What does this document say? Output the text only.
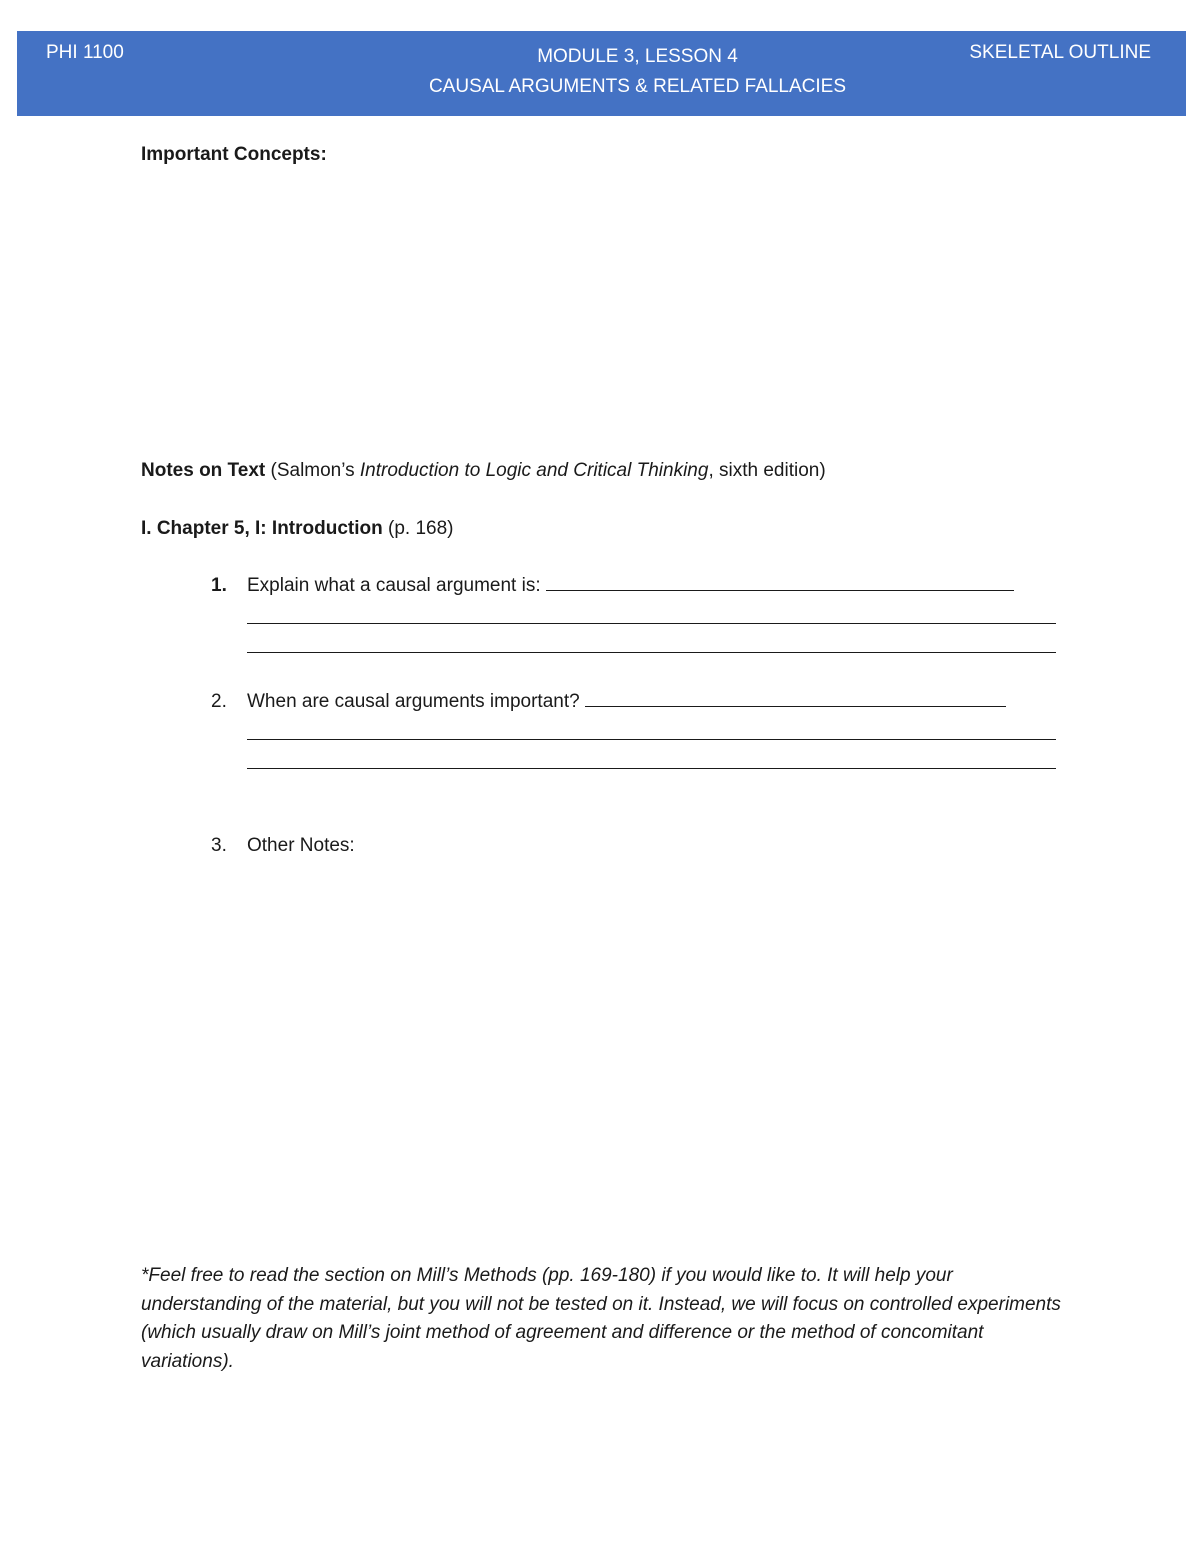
PHI 1100	MODULE 3, LESSON 4
CAUSAL ARGUMENTS & RELATED FALLACIES
SKELETAL OUTLINE
Important Concepts:
Notes on Text (Salmon’s Introduction to Logic and Critical Thinking, sixth edition)
I. Chapter 5, I: Introduction (p. 168)
1. Explain what a causal argument is:
2. When are causal arguments important?
3. Other Notes:
*Feel free to read the section on Mill’s Methods (pp. 169-180) if you would like to. It will help your understanding of the material, but you will not be tested on it. Instead, we will focus on controlled experiments (which usually draw on Mill’s joint method of agreement and difference or the method of concomitant variations).
